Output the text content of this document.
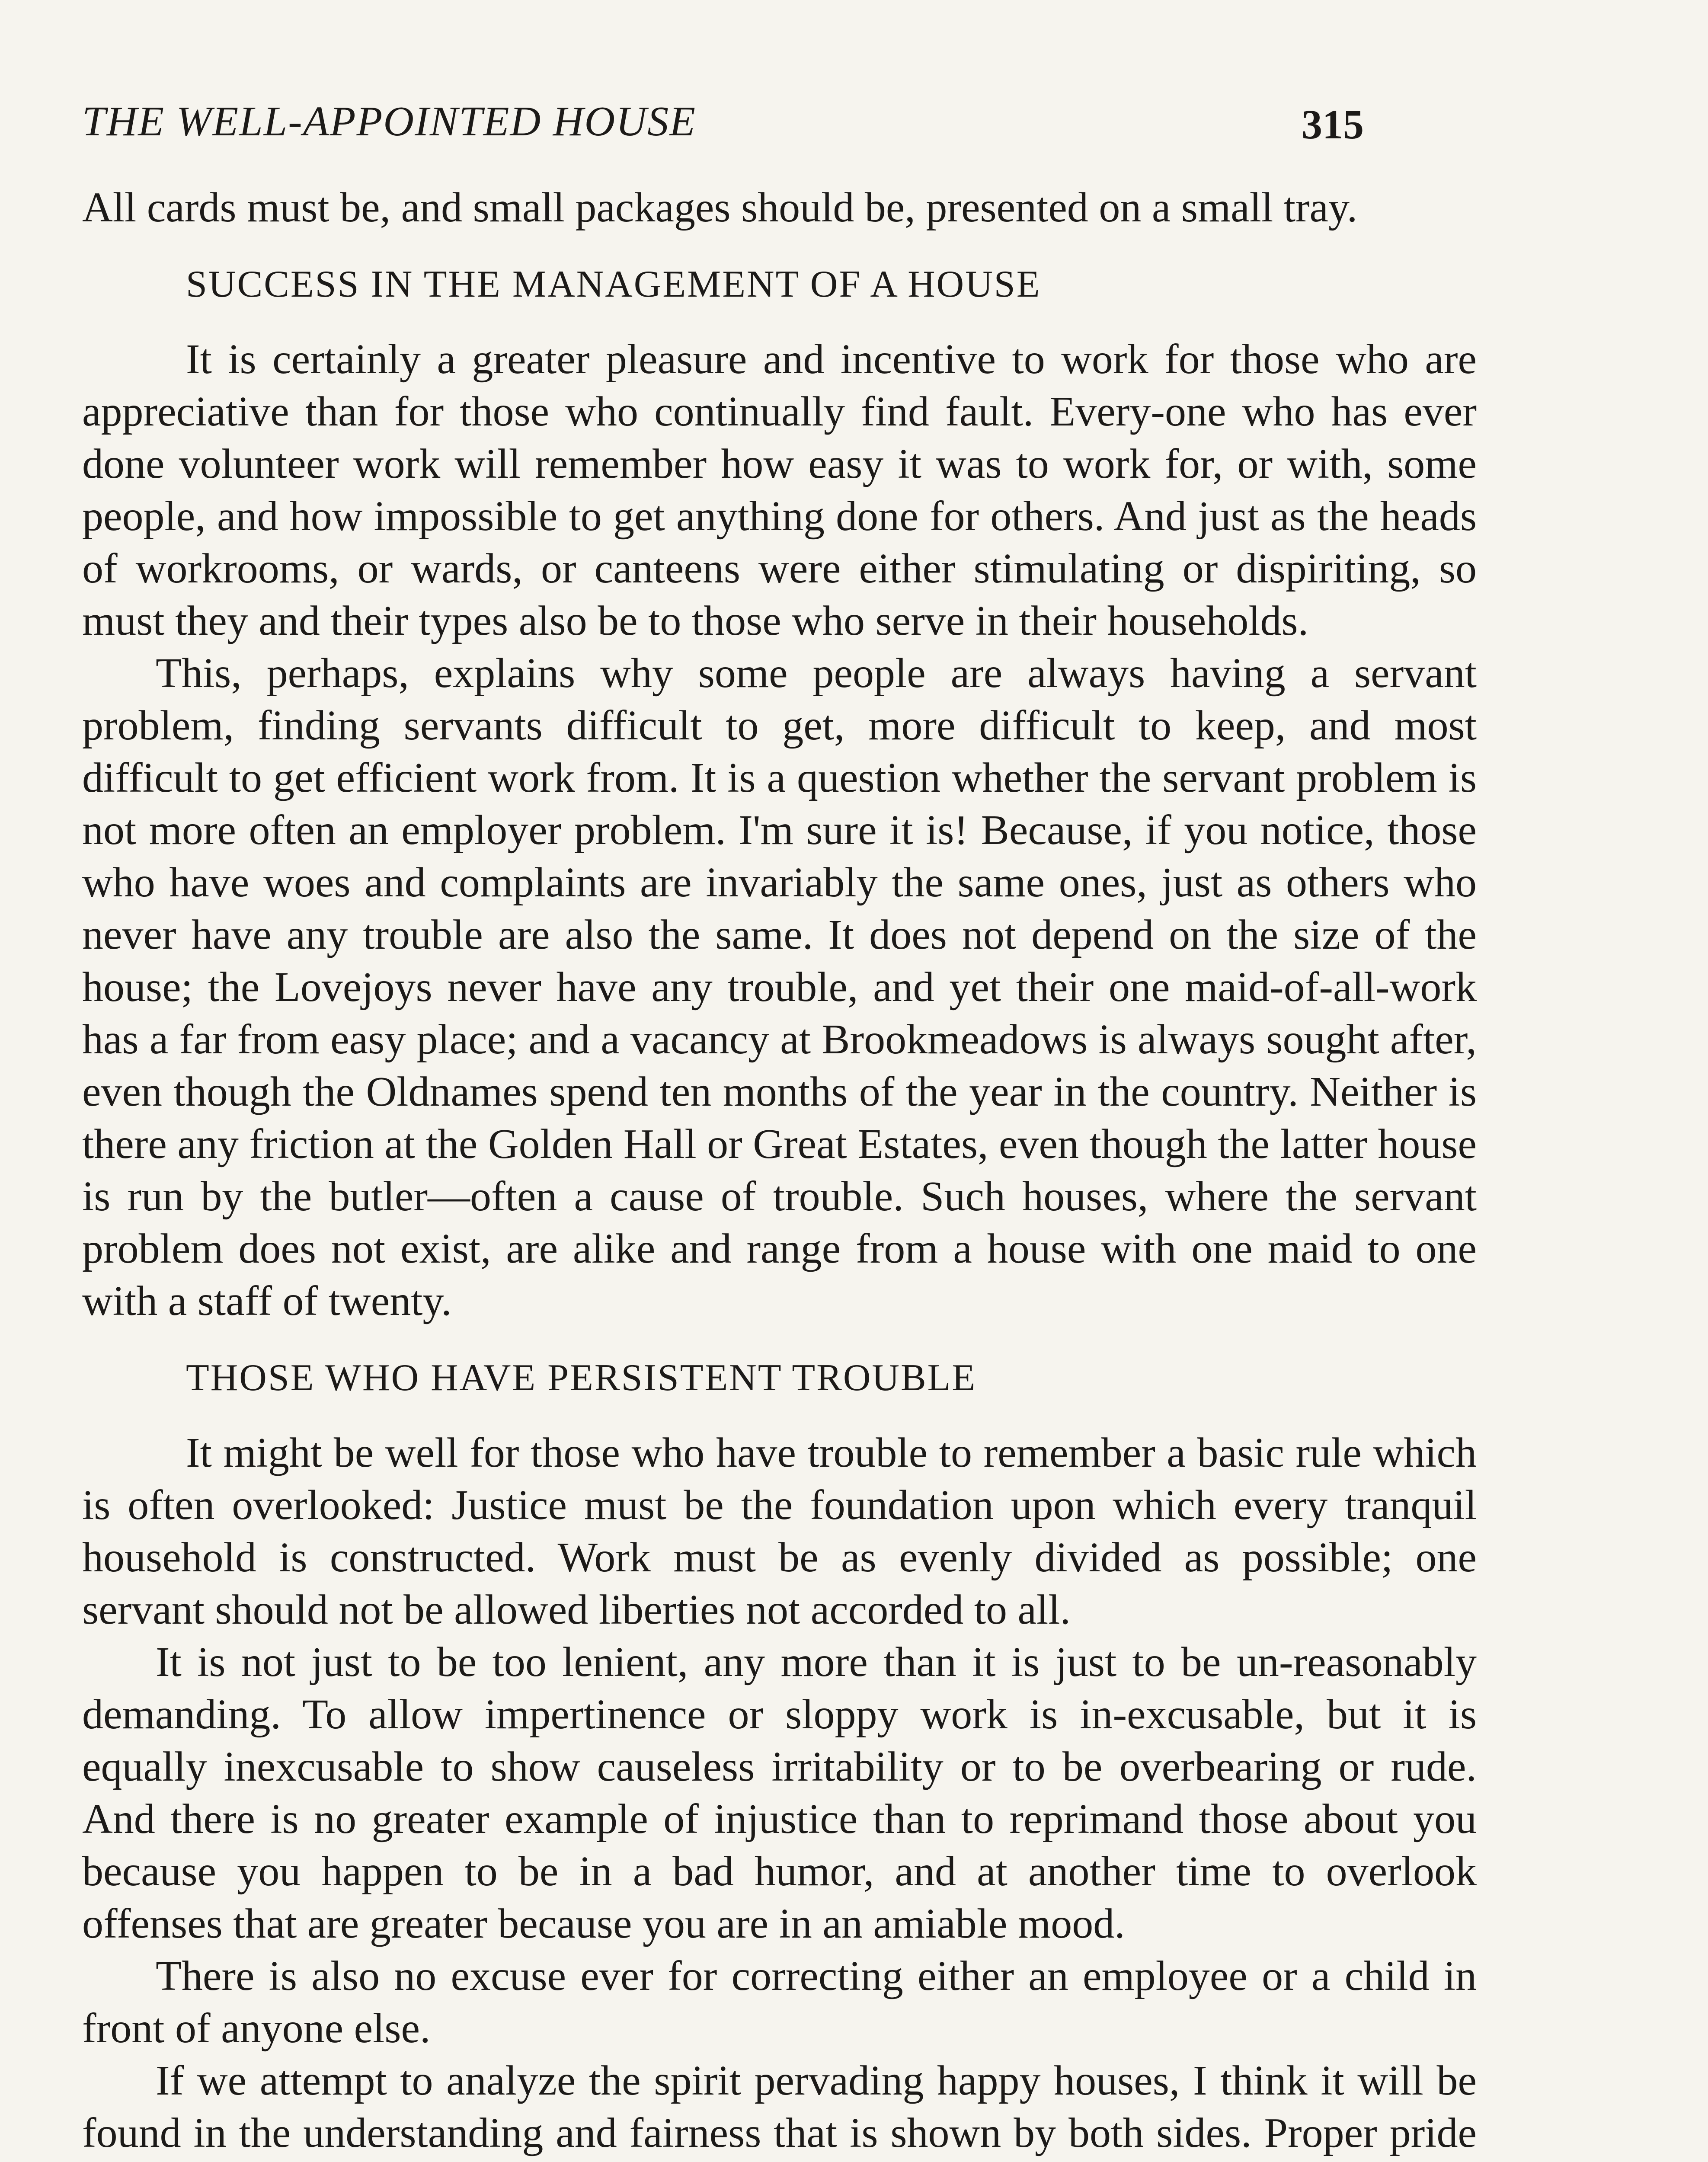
THE WELL-APPOINTED HOUSE	315

All cards must be, and small packages should be, presented on a small tray.

SUCCESS IN THE MANAGEMENT OF A HOUSE

It is certainly a greater pleasure and incentive to work for those who are appreciative than for those who continually find fault. Every-one who has ever done volunteer work will remember how easy it was to work for, or with, some people, and how impossible to get anything done for others. And just as the heads of workrooms, or wards, or canteens were either stimulating or dispiriting, so must they and their types also be to those who serve in their households.

This, perhaps, explains why some people are always having a servant problem, finding servants difficult to get, more difficult to keep, and most difficult to get efficient work from. It is a question whether the servant problem is not more often an employer problem. I'm sure it is! Because, if you notice, those who have woes and complaints are invariably the same ones, just as others who never have any trouble are also the same. It does not depend on the size of the house; the Lovejoys never have any trouble, and yet their one maid-of-all-work has a far from easy place; and a vacancy at Brookmeadows is always sought after, even though the Oldnames spend ten months of the year in the country. Neither is there any friction at the Golden Hall or Great Estates, even though the latter house is run by the butler—often a cause of trouble. Such houses, where the servant problem does not exist, are alike and range from a house with one maid to one with a staff of twenty.

THOSE WHO HAVE PERSISTENT TROUBLE

It might be well for those who have trouble to remember a basic rule which is often overlooked: Justice must be the foundation upon which every tranquil household is constructed. Work must be as evenly divided as possible; one servant should not be allowed liberties not accorded to all.

It is not just to be too lenient, any more than it is just to be un-reasonably demanding. To allow impertinence or sloppy work is in-excusable, but it is equally inexcusable to show causeless irritability or to be overbearing or rude. And there is no greater example of injustice than to reprimand those about you because you happen to be in a bad humor, and at another time to overlook offenses that are greater because you are in an amiable mood.

There is also no excuse ever for correcting either an employee or a child in front of anyone else.

If we attempt to analyze the spirit pervading happy houses, I think it will be found in the understanding and fairness that is shown by both sides. Proper pride
